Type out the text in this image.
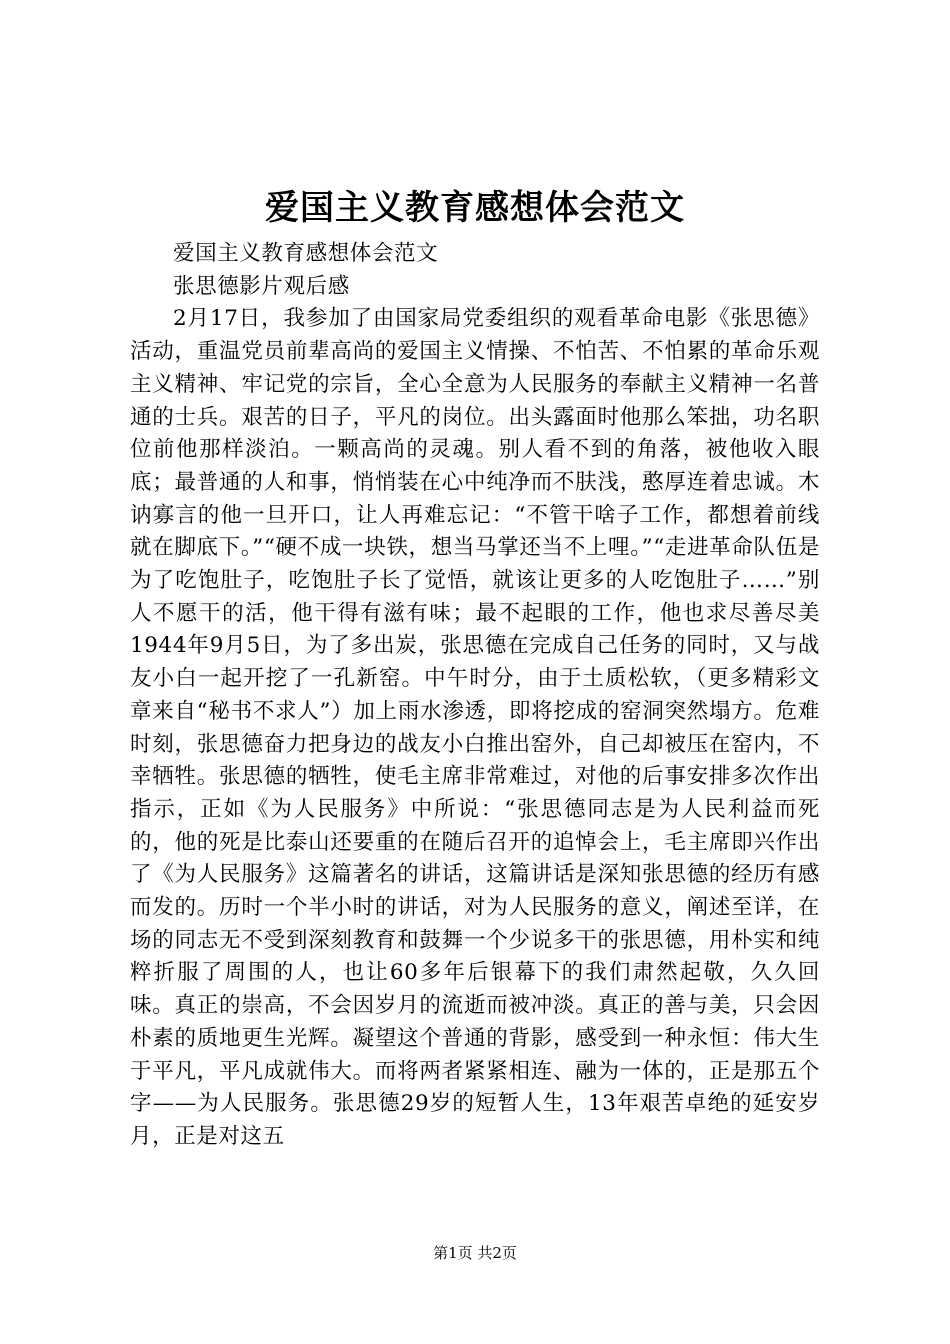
爱国主义教育感想体会范文

爱国主义教育感想体会范文

张思德影片观后感

2月17日，我参加了由国家局党委组织的观看革命电影《张思德》活动，重温党员前辈高尚的爱国主义情操、不怕苦、不怕累的革命乐观主义精神、牢记党的宗旨，全心全意为人民服务的奉献主义精神一名普通的士兵。艰苦的日子，平凡的岗位。出头露面时他那么笨拙，功名职位前他那样淡泊。一颗高尚的灵魂。别人看不到的角落，被他收入眼底；最普通的人和事，悄悄装在心中纯净而不肤浅，憨厚连着忠诚。木讷寡言的他一旦开口，让人再难忘记：“不管干啥子工作，都想着前线就在脚底下。”“硬不成一块铁，想当马掌还当不上哩。”“走进革命队伍是为了吃饱肚子，吃饱肚子长了觉悟，就该让更多的人吃饱肚子……”别人不愿干的活，他干得有滋有味；最不起眼的工作，他也求尽善尽美1944年9月5日，为了多出炭，张思德在完成自己任务的同时，又与战友小白一起开挖了一孔新窑。中午时分，由于土质松软，（更多精彩文章来自“秘书不求人”）加上雨水渗透，即将挖成的窑洞突然塌方。危难时刻，张思德奋力把身边的战友小白推出窑外，自己却被压在窑内，不幸牺牲。张思德的牺牲，使毛主席非常难过，对他的后事安排多次作出指示，正如《为人民服务》中所说：“张思德同志是为人民利益而死的，他的死是比泰山还要重的在随后召开的追悼会上，毛主席即兴作出了《为人民服务》这篇著名的讲话，这篇讲话是深知张思德的经历有感而发的。历时一个半小时的讲话，对为人民服务的意义，阐述至详，在场的同志无不受到深刻教育和鼓舞一个少说多干的张思德，用朴实和纯粹折服了周围的人，也让60多年后银幕下的我们肃然起敬，久久回味。真正的崇高，不会因岁月的流逝而被冲淡。真正的善与美，只会因朴素的质地更生光辉。凝望这个普通的背影，感受到一种永恒：伟大生于平凡，平凡成就伟大。而将两者紧紧相连、融为一体的，正是那五个字——为人民服务。张思德29岁的短暂人生，13年艰苦卓绝的延安岁月，正是对这五

第1页 共2页
